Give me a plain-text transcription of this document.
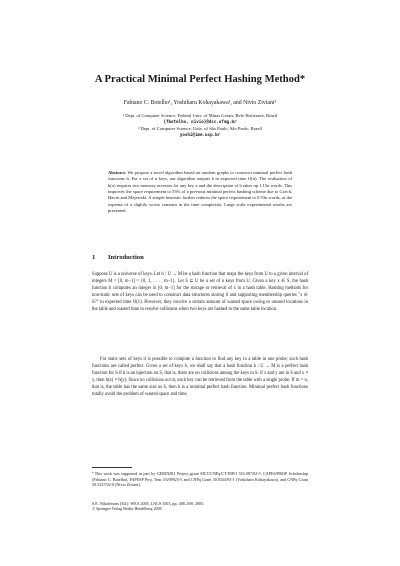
A Practical Minimal Perfect Hashing Method*
Fabiano C. Botelho¹, Yoshiharu Kohayakawa², and Nivio Ziviani¹
¹ Dept. of Computer Science, Federal Univ. of Minas Gerais, Belo Horizonte, Brazil
{fbotelho, nivio}@dcc.ufmg.br
² Dept. of Computer Science, Univ. of São Paulo, São Paulo, Brazil
yoshi@ime.usp.br
Abstract. We propose a novel algorithm based on random graphs to construct minimal perfect hash functions h. For a set of n keys, our algorithm outputs h in expected time O(n). The evaluation of h(x) requires two memory accesses for any key x and the description of h takes up 1.15n words. This improves the space requirement to 55% of a previous minimal perfect hashing scheme due to Czech, Havas and Majewski. A simple heuristic further reduces the space requirement to 0.93n words, at the expense of a slightly worse constant in the time complexity. Large scale experimental results are presented.
1 Introduction
Suppose U is a universe of keys. Let h : U → M be a hash function that maps the keys from U to a given interval of integers M = [0, m−1] = {0, 1, . . . , m−1}. Let S ⊆ U be a set of n keys from U. Given a key x ∈ S, the hash function h computes an integer in [0, m−1] for the storage or retrieval of x in a hash table. Hashing methods for non-static sets of keys can be used to construct data structures storing S and supporting membership queries "x ∈ S?" in expected time O(1). However, they involve a certain amount of wasted space owing to unused locations in the table and wasted time to resolve collisions when two keys are hashed to the same table location.
For static sets of keys it is possible to compute a function to find any key in a table in one probe; such hash functions are called perfect. Given a set of keys S, we shall say that a hash function h : U → M is a perfect hash function for S if h is an injection on S, that is, there are no collisions among the keys in S: if x and y are in S and x ≠ y, then h(x) ≠ h(y). Since no collisions occur, each key can be retrieved from the table with a single probe. If m = n, that is, the table has the same size as S, then h is a minimal perfect hash function. Minimal perfect hash functions totally avoid the problem of wasted space and time.
*This work was supported in part by GERINDO Project–grant MCT/CNPq/CT-INFO 552.087/02-5, CAPES/PROF Scholarship (Fabiano C. Botelho), FAPESP Proj. Tem. 03/09925-5 and CNPq Grant 30.0334/93-1 (Yoshiharu Kohayakawa), and CNPq Grant 30.5237/02-0 (Nivio Ziviani).
S.E. Nikoletseas (Ed.): WEA 2005, LNCS 3503, pp. 488–500, 2005.
© Springer-Verlag Berlin Heidelberg 2005
